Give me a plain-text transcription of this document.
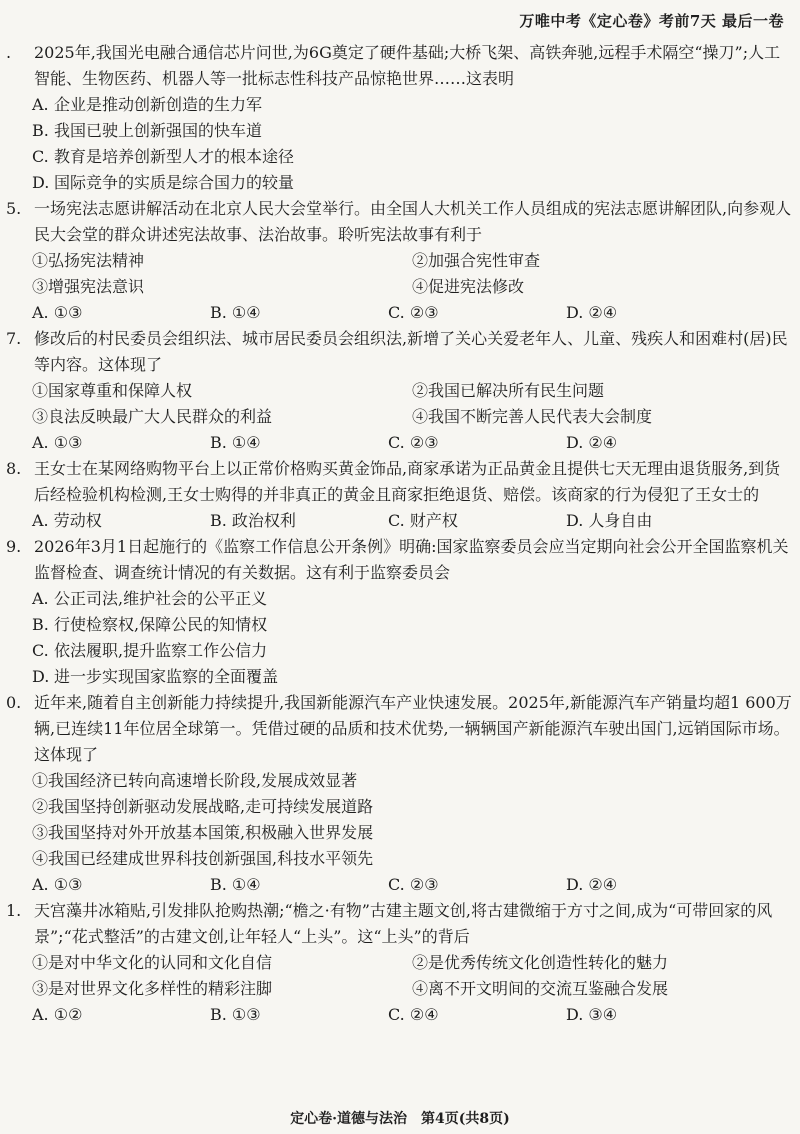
万唯中考《定心卷》考前7天 最后一卷

. 2025年,我国光电融合通信芯片问世,为6G奠定了硬件基础;大桥飞架、高铁奔驰,远程手术隔空“操刀”;人工智能、生物医药、机器人等一批标志性科技产品惊艳世界……这表明

A. 企业是推动创新创造的生力军

B. 我国已驶上创新强国的快车道

C. 教育是培养创新型人才的根本途径

D. 国际竞争的实质是综合国力的较量

5. 一场宪法志愿讲解活动在北京人民大会堂举行。由全国人大机关工作人员组成的宪法志愿讲解团队,向参观人民大会堂的群众讲述宪法故事、法治故事。聆听宪法故事有利于

①弘扬宪法精神	②加强合宪性审查
③增强宪法意识	④促进宪法修改
A. ①③	B. ①④	C. ②③	D. ②④

7. 修改后的村民委员会组织法、城市居民委员会组织法,新增了关心关爱老年人、儿童、残疾人和困难村(居)民等内容。这体现了

①国家尊重和保障人权	②我国已解决所有民生问题
③良法反映最广大人民群众的利益	④我国不断完善人民代表大会制度
A. ①③	B. ①④	C. ②③	D. ②④

8. 王女士在某网络购物平台上以正常价格购买黄金饰品,商家承诺为正品黄金且提供七天无理由退货服务,到货后经检验机构检测,王女士购得的并非真正的黄金且商家拒绝退货、赔偿。该商家的行为侵犯了王女士的

A. 劳动权	B. 政治权利	C. 财产权	D. 人身自由

9. 2026年3月1日起施行的《监察工作信息公开条例》明确:国家监察委员会应当定期向社会公开全国监察机关监督检查、调查统计情况的有关数据。这有利于监察委员会

A. 公正司法,维护社会的公平正义

B. 行使检察权,保障公民的知情权

C. 依法履职,提升监察工作公信力

D. 进一步实现国家监察的全面覆盖

0. 近年来,随着自主创新能力持续提升,我国新能源汽车产业快速发展。2025年,新能源汽车产销量均超1 600万辆,已连续11年位居全球第一。凭借过硬的品质和技术优势,一辆辆国产新能源汽车驶出国门,远销国际市场。这体现了

①我国经济已转向高速增长阶段,发展成效显著

②我国坚持创新驱动发展战略,走可持续发展道路

③我国坚持对外开放基本国策,积极融入世界发展

④我国已经建成世界科技创新强国,科技水平领先

A. ①③	B. ①④	C. ②③	D. ②④

1. 天宫藻井冰箱贴,引发排队抢购热潮;“檐之·有物”古建主题文创,将古建微缩于方寸之间,成为“可带回家的风景”;“花式整活”的古建文创,让年轻人“上头”。这“上头”的背后

①是对中华文化的认同和文化自信	②是优秀传统文化创造性转化的魅力
③是对世界文化多样性的精彩注脚	④离不开文明间的交流互鉴融合发展
A. ①②	B. ①③	C. ②④	D. ③④
定心卷·道德与法治　第4页(共8页)
